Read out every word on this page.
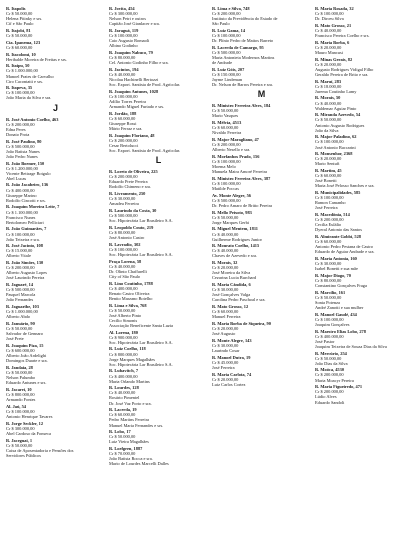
R. Itapolis
Cr $ 50.000,00
Helena Pitinky e srs.
Cif e São Paulo
R. Itajobi, 81
Cr $ 50.000,00
Cia. Ipanema, 123
Cr $ 60.000,00
R. Itacolomi, 10
Heribalde Moreira de Freitas e srs.
R. Itaipu, 50
Cr $ 1.000.000,00
Manoel Prates de Carvalho
Ciro Cacontatti e srs.
R. Itapeva, 35
Cr $ 100.000,00
João Maria da Silva e sra.
J
R. José Antonio Coelho, 463
Cr $ 200.000,00
Edna Peres
Donato Prota
R. José Paulino, 80
Cr $ 500.000,00
João Batista Nunes
João Pedro Nunes
R. João Boemer, 150
Cr $ 1.200.000,00
Vicente Bettrage Botgulo
Abel Lucas
R. João Jacabeiro, 136
Cr $ 400.000,00
Giuseppe Marino
Rodolfo Cincotti e srs.
R. Joaquim Moreira Leite, 7
Cr $ 1.100.000,00
Francisco Nunes
Bertolomeo Pelliciari
R. João Guimarães, 7
Cr $ 100.000,00
João Teixeira e sra.
R. José Jacinto, 108
Cr $ 15.000,00
Alberto Vitale
R. João Simões, 130
Cr $ 200.000,00
Alberto Augusto Lopes
José Laurindo Pereira
R. Jaguaré, 14
Cr $ 500.000,00
Pasquel Marcola
João Fernandes
R. Jaguaribe, 103
Cr $ 1.000.000,00
Alberto Abdo
R. Januário, 90
Cr $ 50.000,00
Salvador de Gennaro
José Prete
R. Joaquim Piza, 15
Cr $ 600.000,00
Alberto João Ardelighi
Domingos Duarte e sra.
R. Jandaia, 28
Cr $ 50.000,00
Nelson Palumbo
Eduardo Antunes e srs.
R. Jacarei, 10
Cr $ 800.000,00
Armando Fontes
Al. Jaú, 54
Cr $ 100.000,00
Antonio Henrique Tavares
R. Jorge Seckler, 12
Cr $ 300.000,00
Abel Cardoso da Fonseca
R. Jaceguai, 1
Cr $ 50.000,00
Caixa de Aposentadoria e Pensões dos
Servidores Públicos
R. Jovita, 454
Cr $ 300.000,00
Nelson Petri e outros
Capitão José Gianlacer e sra.
R. Jaraguá, 119
Cr $ 100.000,00
Caio Augusto Romaoli
Albino Godinho
R. Joaquim Nabuco, 79
Cr $ 80.000,00
Cel. Antonio Godinho Filho e sra.
R. Jacintos, 194
Cr $ 40.000,00
Nicolau Hachinelli Bertozzi
Soc. Export. Santista de Prod. Agrícolas
R. Joaquim Antunes, 1028
Cr $ 100.000,00
Adílio Torres Pereira
Armando Miguel Furtado e srs.
R. Jordão, 188
Cr $ 60.000,00
Giuseppe Rossi
Mário Ferraz e sra.
R. Joaquim Floriano, 48
Cr $ 200.000,00
Cesar Bertolucci
Soc. Export. Santista de Prod. Agrícolas
L
R. Loreto de Oliveira, 225
Cr $ 200.000,00
Eduardo Prete Pereira
Rodolfo Chimeno e sra.
R. Livramento, 250
Cr $ 30.000,00
Amadeu Ferreira
R. Laurindo da Costa, 30
Cr $ 500.000,00
Soc. Hipotecária Lar Brasileiro S.A.
R. Leopoldo Couto, 219
Cr $ 80.000,00
José Antonio Castro
R. Lavradio, 302
Cr $ 100.000,00
Soc. Hipotecária Lar Brasileiro S.A.
Praça Lorena, 58
Cr $ 40.000,00
Dr. Olinto Chaffarelli
City of São Paulo
R. Lino Coutinho, 1788
Cr $ 400.000,00
Renato Castro Oliveira
Benito Marzano Botelho
R. Lima e Silva, 768
Cr $ 50.000,00
José Alberto Pinto
Cecílio Simonis
Associação Beneficente Santa Luzia
Al. Lorena, 180
Cr $ 900.000,00
Soc. Hipotecária Lar Brasileiro S.A.
R. Luiz Coelho, 118
Cr $ 800.000,00
Jorge Marques Magalhães
Soc. Hipotecária Lar Brasileiro S.A.
R. Lubavitch, 7
Cr $ 400.000,00
Maria Orlando Martins
R. Lourdes, 128
Cr $ 40.000,00
Rosário Pimentel
Dr. José Vaz Porto e sra.
R. Lacerda, 19
Cr $ 60.000,00
Pedro Martins Ferreira
Manuel Maria Fernandes e srs.
R. Lobo, 17
Cr $ 50.000,00
Luiz Vieira Magalhães
R. Loefgren, 1887
Cr $ 70.000,00
João Batista Rocca e sra.
Mario de Lourdes Marcelli Dalles
R. Lima e Silva, 748
Cr $ 200.000,00
Instituto da Previdência do Estado de
São Paulo
R. Luiz Gama, 14
Cr $ 100.000,00
Dr. Plínio Pedro de Mattos Barreto
R. Lacerda de Camargo, 95
Cr $ 500.000,00
Maria Antonieta Modernos Martins
de Andrade
R. Luiz Góis, 207
Cr $ 150.000,00
Jayme Lindeman
Dr. Nelson de Barros Pereira e sra.
M
R. Ministro Ferreira Alves, 184
Cr $ 50.000,00
Mario Vasques
R. Mélvia, 4513
Cr $ 60.000,00
Nivaldo Ferreira
R. Major Maragliano, 47
Cr $ 200.000,00
Alberto Nesello e sra.
R. Morfanhos Prado, 156
Cr $ 100.000,00
Moema Melo
Manuela Maira Amoré Ferreira
R. Ministro Ferreira Alves, 387
Cr $ 100.000,00
Matilde Poccas
Av. Monte Alegre, 56
Cr $ 500.000,00
Dr. Pedro Amaro de Britto Pereira
R. Mello Peixoto, 983
Cr $ 50.000,00
Jorge Marques Gerbi
R. Miguel Mentem, 1811
Cr $ 40.000,00
Guilherme Rodrigues Junior
R. Mourato Coelho, 1415
Cr $ 40.000,00
Chaves de Azevedo e sra.
R. Morais, 32
Cr $ 20.000,00
José Moreira da Silva
Cezarina Lucia Burchard
R. Maria Cândida, 6
Cr $ 30.000,00
José Gonçalves Valga
Carolina Pedro Paschoal e sra.
R. Mato Grosso, 12
Cr $ 60.000,00
Manuel Ferreira
R. Maria Borba de Siqueira, 90
Cr $ 20.000,00
José Augusto
R. Monte Alegre, 143
Cr $ 30.000,00
Laurindo Cosar
R. Manoel Dutra, 19
Cr $ 45.000,00
José Ferreira
R. Maria Carlota, 74
Cr $ 20.000,00
Luiz Carlos Cortez
R. Maria Rosada, 32
Cr $ 100.000,00
Dr. Dirceu Silva
R. Mato Grosso, 21
Cr $ 40.000,00
Francisco Pereira Coelho e srs.
R. Maria Borba, 6
Cr $ 20.000,00
Mauro Mancusi
R. Minas Gerais, 82
Cr $ 20.000,00
Augusto Rodrigues Vidigal Filho
Geraldo Pereira de Brito e sra.
R. Maruí, 283
Cr $ 18.000,00
Jurema Coutinho Lamy
R. Morais, 50
Cr $ 40.000,00
Waldemar Aguiar Pinto
R. Miranda Azevedo, 54
Cr $ 50.000,00
Antonio Augusto Rodrigues
João da Silva
R. Major Paladino, 62
Cr $ 100.000,00
José Antonio Baccarini
R. Monsenhor, 2368
Cr $ 20.000,00
Mario Sentuft
R. Martim, 45
Cr $ 60.000,00
José Bonetti
Maria José Pelosso Sanches e sra.
R. Municipalidades, 585
Cr $ 100.000,00
Ramon Camanho
José Ferreira
R. Macedônia, 514
Cr $ 200.000,00
Cecilia Eulálio
Dyeral Antonio das Santos
R. Almirante Gobbi, 528
Cr $ 60.000,00
Antonio Pedro Pestana de Castro
Eduardo de Aguiar Andrade e sra.
R. Maria Antonia, 160
Cr $ 30.000,00
Isabel Bonetti e sua mãe
R. Major Diogo, 70
Cr $ 80.000,00
Constantino Gonçalves Fraga
R. Marcílio, 161
Cr $ 50.000,00
Sonia Potenza
André Zanotti e sua mulher
R. Manoel Gaudé, 434
Cr $ 100.000,00
Joaquim Gonçalves
R. Maestro Elias Lobo, 278
Cr $ 400.000,00
José Pastor
Joaquim Teixeira de Souza Dias da Silva
R. Mercúrio, 254
Cr $ 50.000,00
João Dias da Silva
R. Moóca, 4530
Cr $ 200.000,00
Maria Moacyr Pereira
R. Maria Figueiredo, 471
Cr $ 200.000,00
Lúdio Alves
Eduardo Sandoli
